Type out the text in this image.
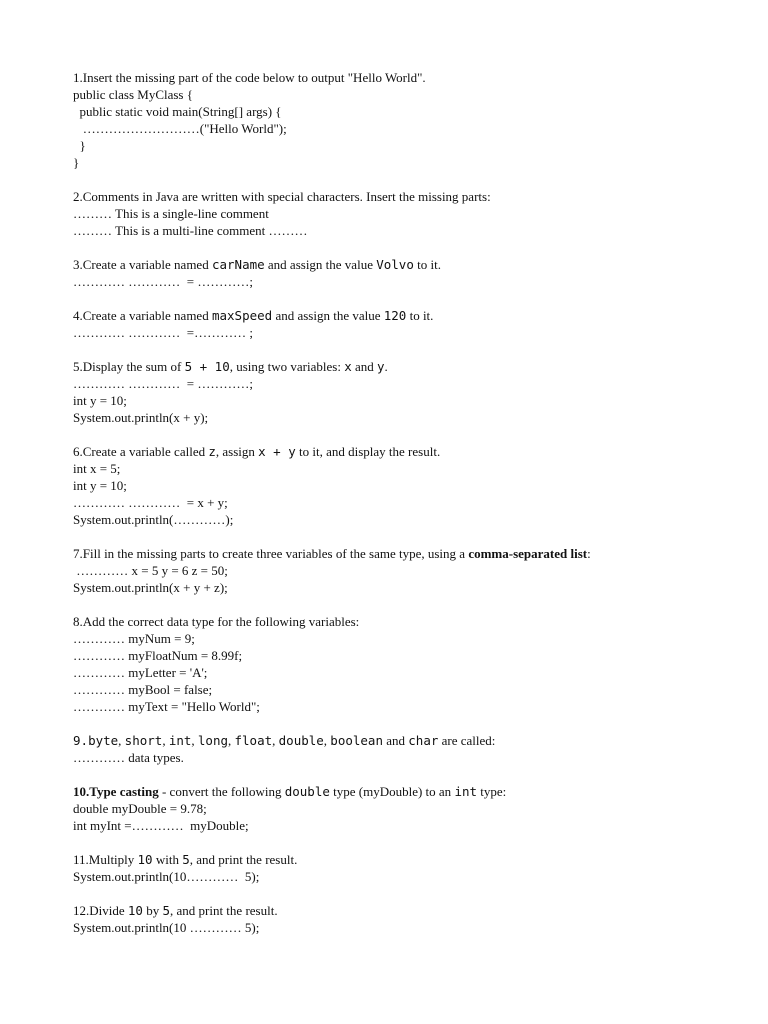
1.Insert the missing part of the code below to output "Hello World".
public class MyClass {
public static void main(String[] args) {
………………………("Hello World");
}
}
2.Comments in Java are written with special characters. Insert the missing parts:
……… This is a single-line comment
……… This is a multi-line comment ………
3.Create a variable named carName and assign the value Volvo to it.
………… …………  = …………;
4.Create a variable named maxSpeed and assign the value 120 to it.
………… …………  =………… ;
5.Display the sum of 5 + 10, using two variables: x and y.
………… …………  = …………;
int y = 10;
System.out.println(x + y);
6.Create a variable called z, assign x + y to it, and display the result.
int x = 5;
int y = 10;
………… …………  = x + y;
System.out.println(…………);
7.Fill in the missing parts to create three variables of the same type, using a comma-separated list:
………… x = 5 y = 6 z = 50;
System.out.println(x + y + z);
8.Add the correct data type for the following variables:
………… myNum = 9;
………… myFloatNum = 8.99f;
………… myLetter = 'A';
………… myBool = false;
………… myText = "Hello World";
9.byte, short, int, long, float, double, boolean and char are called:
………… data types.
10.Type casting - convert the following double type (myDouble) to an int type:
double myDouble = 9.78;
int myInt =…………  myDouble;
11.Multiply 10 with 5, and print the result.
System.out.println(10…………  5);
12.Divide 10 by 5, and print the result.
System.out.println(10 ………… 5);
